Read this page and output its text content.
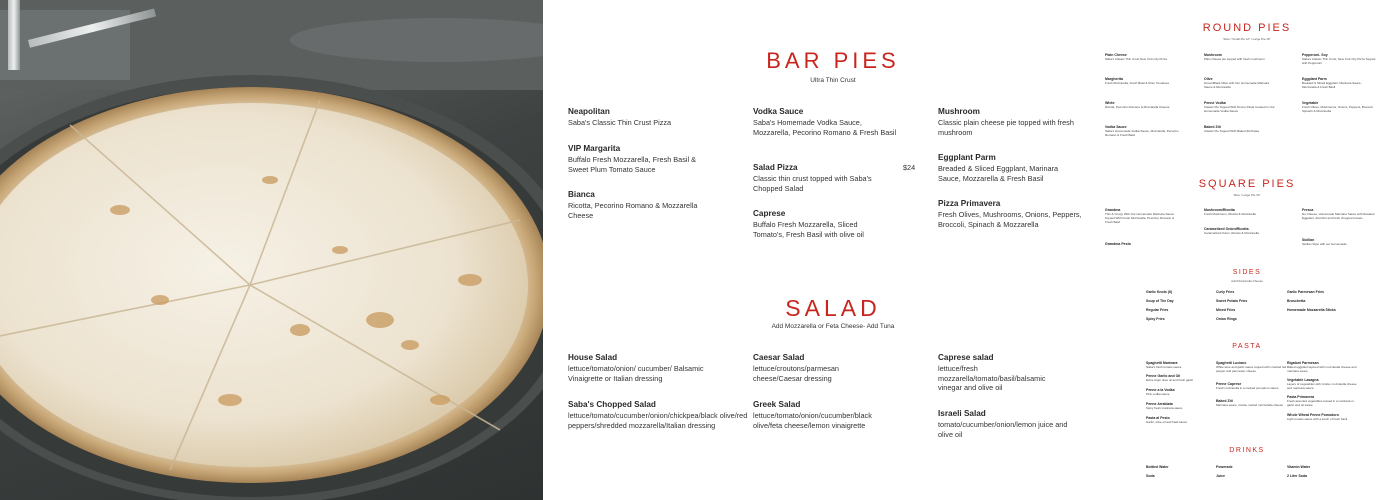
BAR PIES
Ultra Thin Crust
Neapolitan
Saba's Classic Thin Crust Pizza
VIP Margarita
Buffalo Fresh Mozzarella, Fresh Basil & Sweet Plum Tomato Sauce
Bianca
Ricotta, Pecorino Romano & Mozzarella Cheese
Vodka Sauce
Saba's Homemade Vodka Sauce, Mozzarella, Pecorino Romano & Fresh Basil
Salad Pizza
Classic thin crust topped with Saba's Chopped Salad
$24
Caprese
Buffalo Fresh Mozzarella, Sliced Tomato's, Fresh Basil with olive oil
Mushroom
Classic plain cheese pie topped with fresh mushroom
Eggplant Parm
Breaded & Sliced Eggplant, Marinara Sauce, Mozzarella & Fresh Basil
Pizza Primavera
Fresh Olives, Mushrooms, Onions, Peppers, Broccoli, Spinach & Mozzarella
SALAD
Add Mozzarella or Feta Cheese- Add Tuna
House Salad
lettuce/tomato/onion/ cucumber/ Balsamic Vinaigrette or Italian dressing
Saba's Chopped Salad
lettuce/tomato/cucumber/onion/chickpea/black olive/red peppers/shredded mozzarella/Italian dressing
Caesar Salad
lettuce/croutons/parmesan cheese/Caesar dressing
Greek Salad
lettuce/tomato/onion/cucumber/black olive/feta cheese/lemon vinaigrette
Caprese salad
lettuce/fresh mozzarella/tomato/basil/balsamic vinegar and olive oil
Israeli Salad
tomato/cucumber/onion/lemon juice and olive oil
ROUND PIES
Slice / Small Pie 12" / Large Pie 16"
Plain Cheese
Saba's Classic Thin Crust New York City Pizza
Margherita
Fresh Mozzarella, Fresh Basil & Plum Tomatoes
White
Ricotta, Pecorino Romano & Mozzarella Cheese
Vodka Sauce
Saba's Homemade Vodka Sauce, Mozzarella, Pecorino Romano & Fresh Basil
Mushroom
Plain cheese pie topped with fresh mushroom
Olive
Green/Black Olive with Our Homemade Marinara Sauce & Mozzarella
Penne Vodka
Classic Pie Topped With Penne Pasta Cooked In Our Homemade Vodka Sauce
Baked Ziti
Classic Pie Topped With Baked Ziti Pasta
Pepperoni- Soy
Saba's Classic Thin Crust, New York City Pizza Topped with Pepperoni
Eggplant Parm
Breaded & Sliced Eggplant, Marinara Sauce, Mozzarella & Fresh Basil
Vegetable
Fresh Olives, Mushrooms, Onions, Peppers, Broccoli, Spinach & Mozzarella
SQUARE PIES
Slice / Large Pie 16"
Grandma
Thin & Crispy With Our Homemade Marinara Sauce Topped With Fresh Mozzarella, Pecorino Romano & Fresh Basil
Grandma Pesto
Mushroom/Ricotta
Fresh Mushroom, Ricotta & Mozzarella
Caramelized Onion/Ricotta
Caramelized Onion, Ricotta & Mozzarella
Fresca
No Cheese, Homemade Marinara Sauce with Roasted Eggplant, Zucchini and fresh chopped tomato
Sicilian
Sicilian Style with our Homemade
SIDES
Add Mozzarella Cheese
Garlic Knots (6)
Soup of The Day
Regular Fries
Spicy Fries
Curly Fries
Sweet Potato Fries
Mixed Fries
Onion Rings
Garlic Parmesan Fries
Bruschetta
Homemade Mozzarella Sticks
PASTA
Spaghetti Marinara
Saba's fresh tomato sauce
Penne Garlic and Oil
Extra virgin olive oil and fresh garlic
Penne a la Vodka
Pink vodka sauce
Penne Arrabiata
Spicy fresh marinara sauce
Pasta al Pesto
Garlic, olive oil and basil sauce
Spaghetti Luciano
White wine and garlic sauce topped with crushed red pepper and parmesan cheese
Penne Caprese
Fresh mozzarella in a cooked pomodoro sauce
Baked Ziti
Marinara sauce, ricotta, melted mozzarella cheese
Rigatoni Parmesan
Baked eggplant layered with mozzarella cheese and marinara sauce
Vegetable Lasagna
Layers of vegetables with ricotta, mozzarella cheese and marinara sauce
Pasta Primavera
Fresh assorted vegetables tossed in a marinara or garlic and oil sauce
Whole Wheat Penne Pomodoro
Light tomato sauce with a touch of fresh basil
DRINKS
Bottled Water
Soda
Powerade
Juice
Vitamin Water
2 Liter Soda
